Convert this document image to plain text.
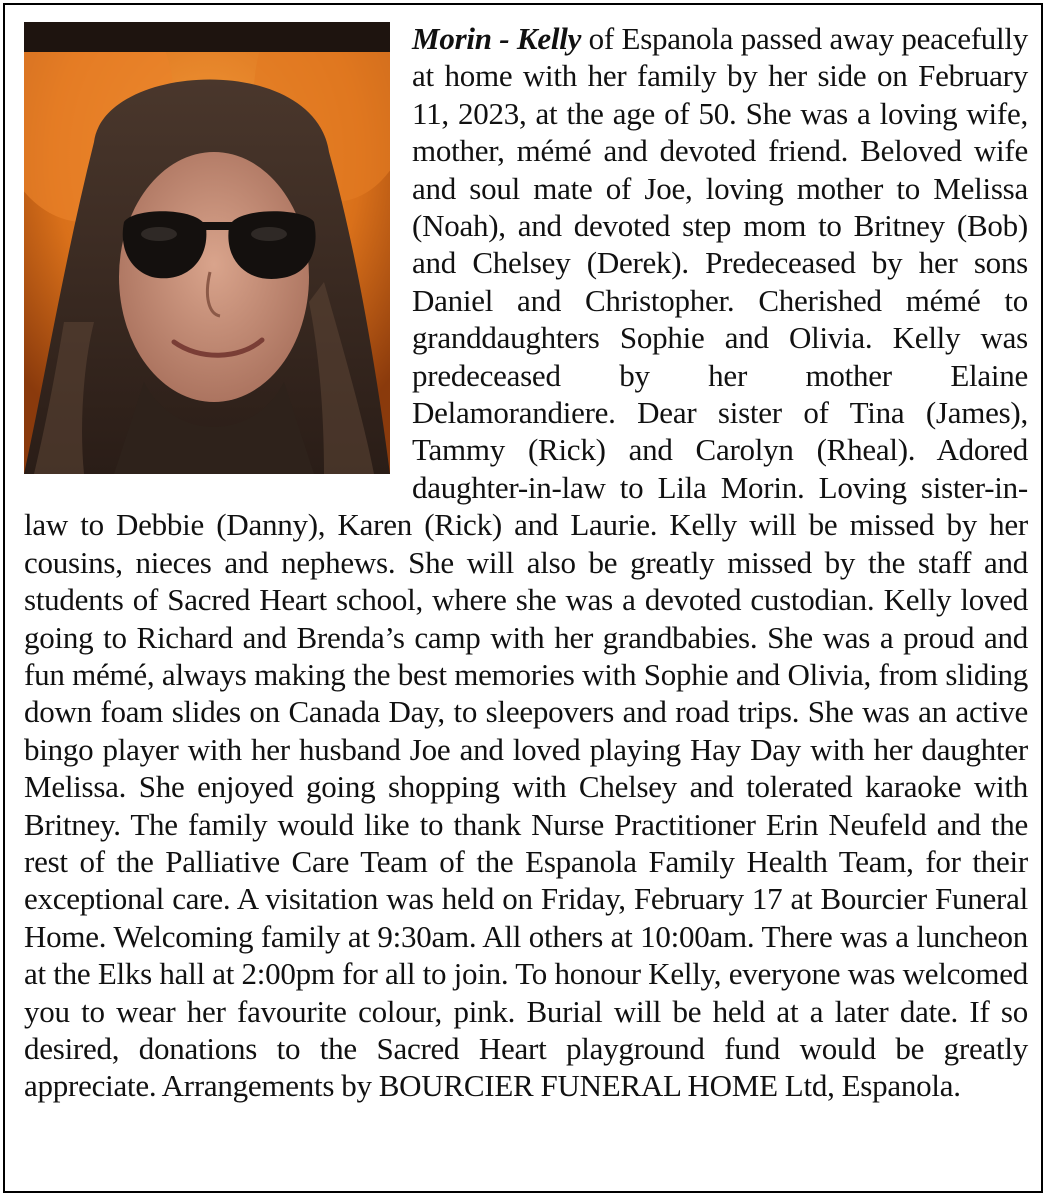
Morin - Kelly of Espanola passed away peacefully at home with her family by her side on February 11, 2023, at the age of 50. She was a loving wife, mother, mémé and devoted friend. Beloved wife and soul mate of Joe, loving mother to Melissa (Noah), and devoted step mom to Britney (Bob) and Chelsey (Derek). Predeceased by her sons Daniel and Christopher. Cherished mémé to granddaughters Sophie and Olivia. Kelly was predeceased by her mother Elaine Delamorandiere. Dear sister of Tina (James), Tammy (Rick) and Carolyn (Rheal). Adored daughter-in-law to Lila Morin. Loving sister-in-law to Debbie (Danny), Karen (Rick) and Laurie. Kelly will be missed by her cousins, nieces and nephews. She will also be greatly missed by the staff and students of Sacred Heart school, where she was a devoted custodian. Kelly loved going to Richard and Brenda’s camp with her grandbabies. She was a proud and fun mémé, always making the best memories with Sophie and Olivia, from sliding down foam slides on Canada Day, to sleepovers and road trips. She was an active bingo player with her husband Joe and loved playing Hay Day with her daughter Melissa. She enjoyed going shopping with Chelsey and tolerated karaoke with Britney. The family would like to thank Nurse Practitioner Erin Neufeld and the rest of the Palliative Care Team of the Espanola Family Health Team, for their exceptional care. A visitation was held on Friday, February 17 at Bourcier Funeral Home. Welcoming family at 9:30am. All others at 10:00am. There was a luncheon at the Elks hall at 2:00pm for all to join. To honour Kelly, everyone was welcomed you to wear her favourite colour, pink. Burial will be held at a later date. If so desired, donations to the Sacred Heart playground fund would be greatly appreciate. Arrangements by BOURCIER FUNERAL HOME Ltd, Espanola.
